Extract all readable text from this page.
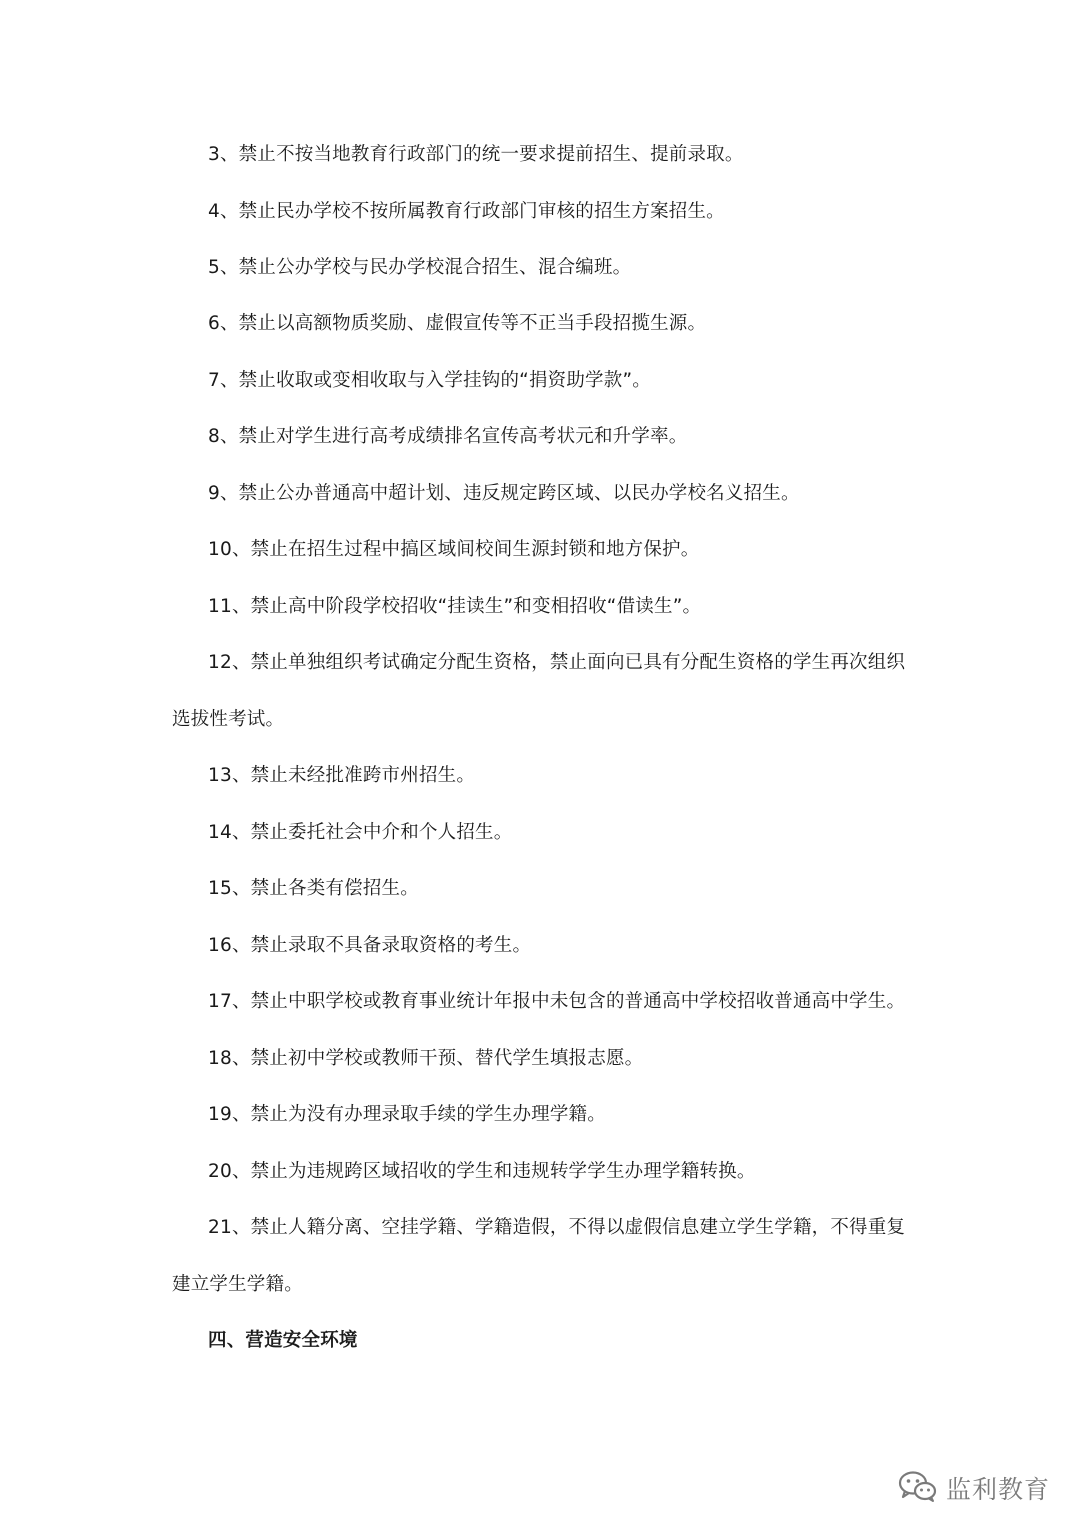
3、禁止不按当地教育行政部门的统一要求提前招生、提前录取。
4、禁止民办学校不按所属教育行政部门审核的招生方案招生。
5、禁止公办学校与民办学校混合招生、混合编班。
6、禁止以高额物质奖励、虚假宣传等不正当手段招揽生源。
7、禁止收取或变相收取与入学挂钩的“捐资助学款”。
8、禁止对学生进行高考成绩排名宣传高考状元和升学率。
9、禁止公办普通高中超计划、违反规定跨区域、以民办学校名义招生。
10、禁止在招生过程中搞区域间校间生源封锁和地方保护。
11、禁止高中阶段学校招收“挂读生”和变相招收“借读生”。
12、禁止单独组织考试确定分配生资格，禁止面向已具有分配生资格的学生再次组织
选拔性考试。
13、禁止未经批准跨市州招生。
14、禁止委托社会中介和个人招生。
15、禁止各类有偿招生。
16、禁止录取不具备录取资格的考生。
17、禁止中职学校或教育事业统计年报中未包含的普通高中学校招收普通高中学生。
18、禁止初中学校或教师干预、替代学生填报志愿。
19、禁止为没有办理录取手续的学生办理学籍。
20、禁止为违规跨区域招收的学生和违规转学学生办理学籍转换。
21、禁止人籍分离、空挂学籍、学籍造假，不得以虚假信息建立学生学籍，不得重复
建立学生学籍。
四、营造安全环境
监利教育
